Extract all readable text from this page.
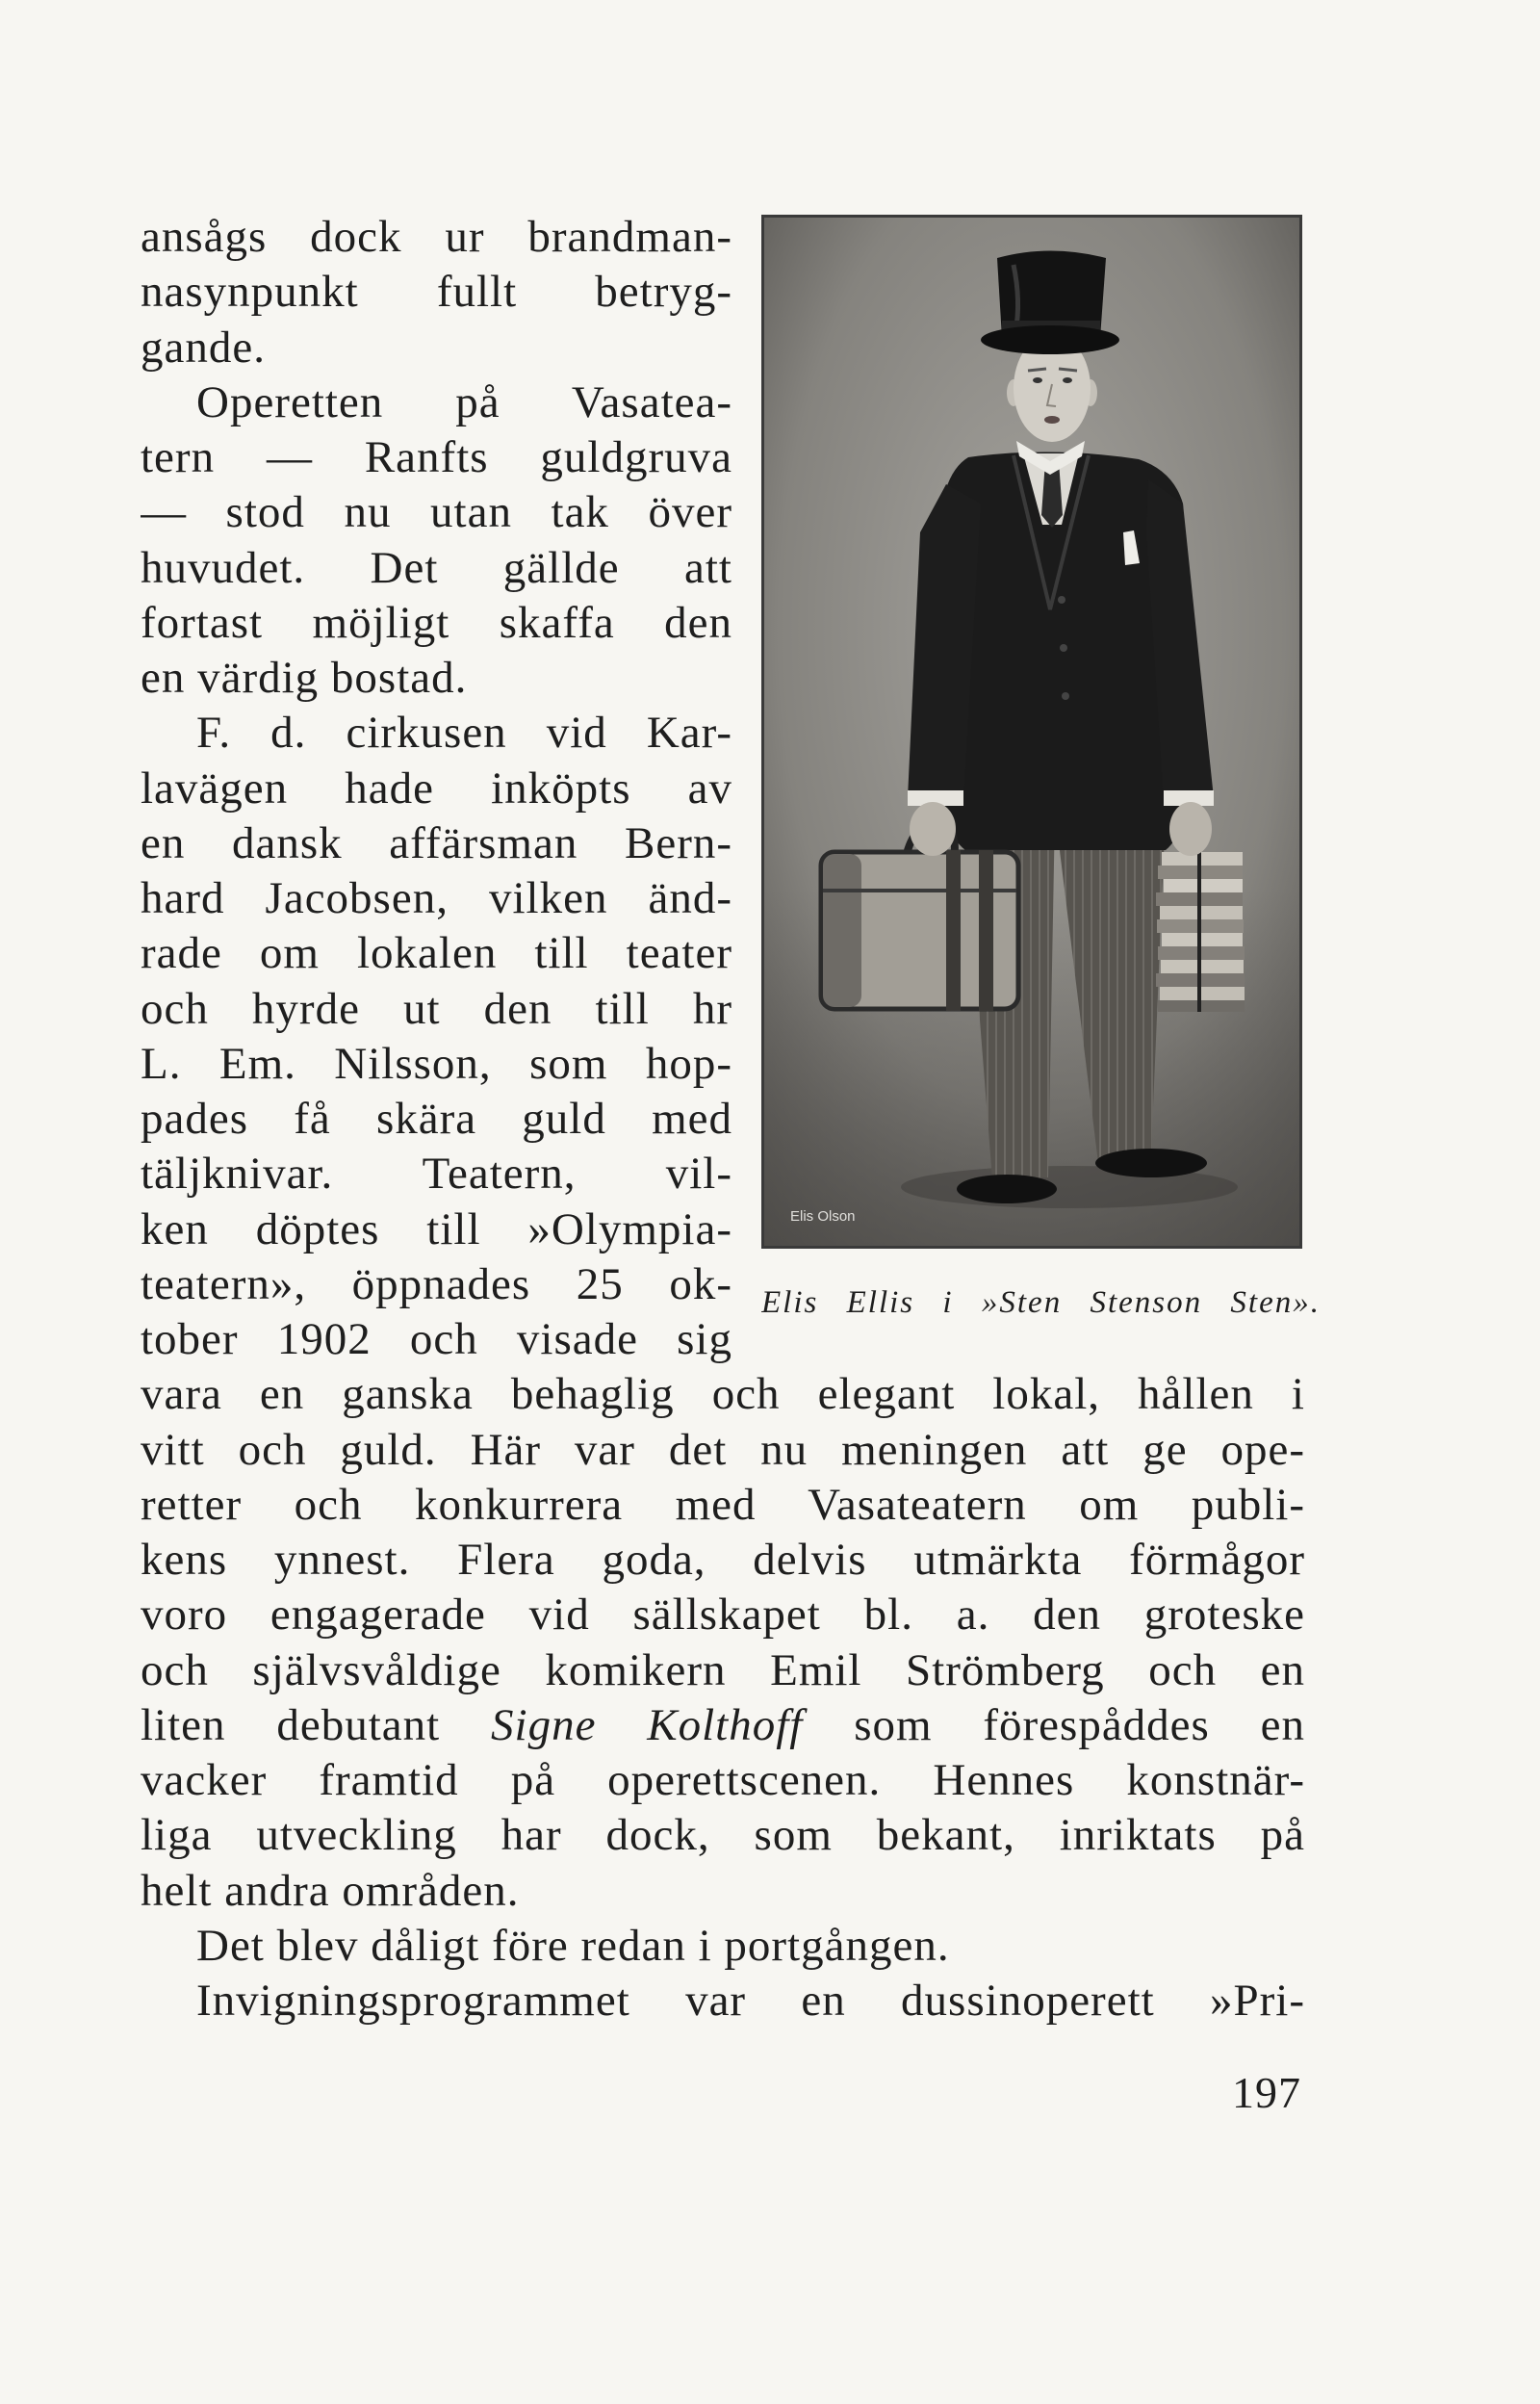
ansågs dock ur brandman-
nasynpunkt fullt betryg-
gande.
Operetten på Vasatea-
tern — Ranfts guldgruva
— stod nu utan tak över
huvudet. Det gällde att
fortast möjligt skaffa den
en värdig bostad.
F. d. cirkusen vid Kar-
lavägen hade inköpts av
en dansk affärsman Bern-
hard Jacobsen, vilken änd-
rade om lokalen till teater
och hyrde ut den till hr
L. Em. Nilsson, som hop-
pades få skära guld med
täljknivar. Teatern, vil-
ken döptes till »Olympia-
teatern», öppnades 25 ok-
tober 1902 och visade sig
vara en ganska behaglig och elegant lokal, hållen i
vitt och guld. Här var det nu meningen att ge ope-
retter och konkurrera med Vasateatern om publi-
kens ynnest. Flera goda, delvis utmärkta förmågor
voro engagerade vid sällskapet bl. a. den groteske
och självsvåldige komikern Emil Strömberg och en
liten debutant Signe Kolthoff som förespåddes en
vacker framtid på operettscenen. Hennes konstnär-
liga utveckling har dock, som bekant, inriktats på
helt andra områden.
Det blev dåligt före redan i portgången.
Invigningsprogrammet var en dussinoperett »Pri-
Elis Olson
Elis Ellis i »Sten Stenson Sten».
197
